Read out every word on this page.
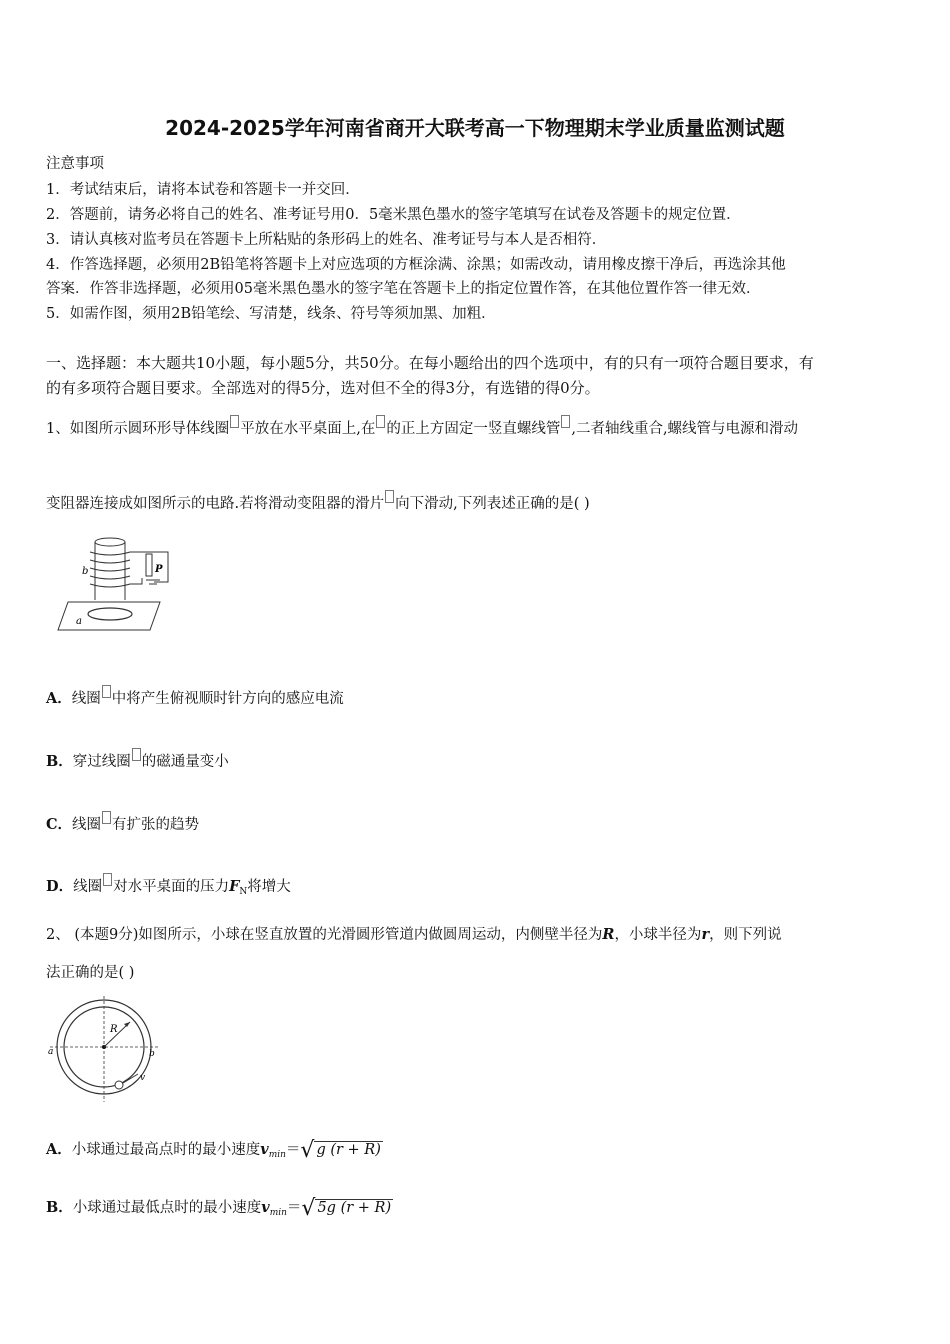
2024-2025学年河南省商开大联考高一下物理期末学业质量监测试题
注意事项
1．考试结束后，请将本试卷和答题卡一并交回．
2．答题前，请务必将自己的姓名、准考证号用0．5毫米黑色墨水的签字笔填写在试卷及答题卡的规定位置．
3．请认真核对监考员在答题卡上所粘贴的条形码上的姓名、准考证号与本人是否相符．
4．作答选择题，必须用2B铅笔将答题卡上对应选项的方框涂满、涂黑；如需改动，请用橡皮擦干净后，再选涂其他
答案．作答非选择题，必须用05毫米黑色墨水的签字笔在答题卡上的指定位置作答，在其他位置作答一律无效．
5．如需作图，须用2B铅笔绘、写清楚，线条、符号等须加黑、加粗．
一、选择题：本大题共10小题，每小题5分，共50分。在每小题给出的四个选项中，有的只有一项符合题目要求，有
的有多项符合题目要求。全部选对的得5分，选对但不全的得3分，有选错的得0分。
1、如图所示圆环形导体线圈 平放在水平桌面上,在 的正上方固定一竖直螺线管 ,二者轴线重合,螺线管与电源和滑动
变阻器连接成如图所示的电路.若将滑动变阻器的滑片 向下滑动,下列表述正确的是( )
b	P
a
A．线圈 中将产生俯视顺时针方向的感应电流
B．穿过线圈 的磁通量变小
C．线圈 有扩张的趋势
D．线圈 对水平桌面的压力$F_N$将增大
2、 (本题9分)如图所示，小球在竖直放置的光滑圆形管道内做圆周运动，内侧壁半径为R，小球半径为r，则下列说
法正确的是( )
R
a	b
v
A．小球通过最高点时的最小速度$v_{min}=√$ g (r + R)
B．小球通过最低点时的最小速度$v_{min}=√$ 5g (r + R)
